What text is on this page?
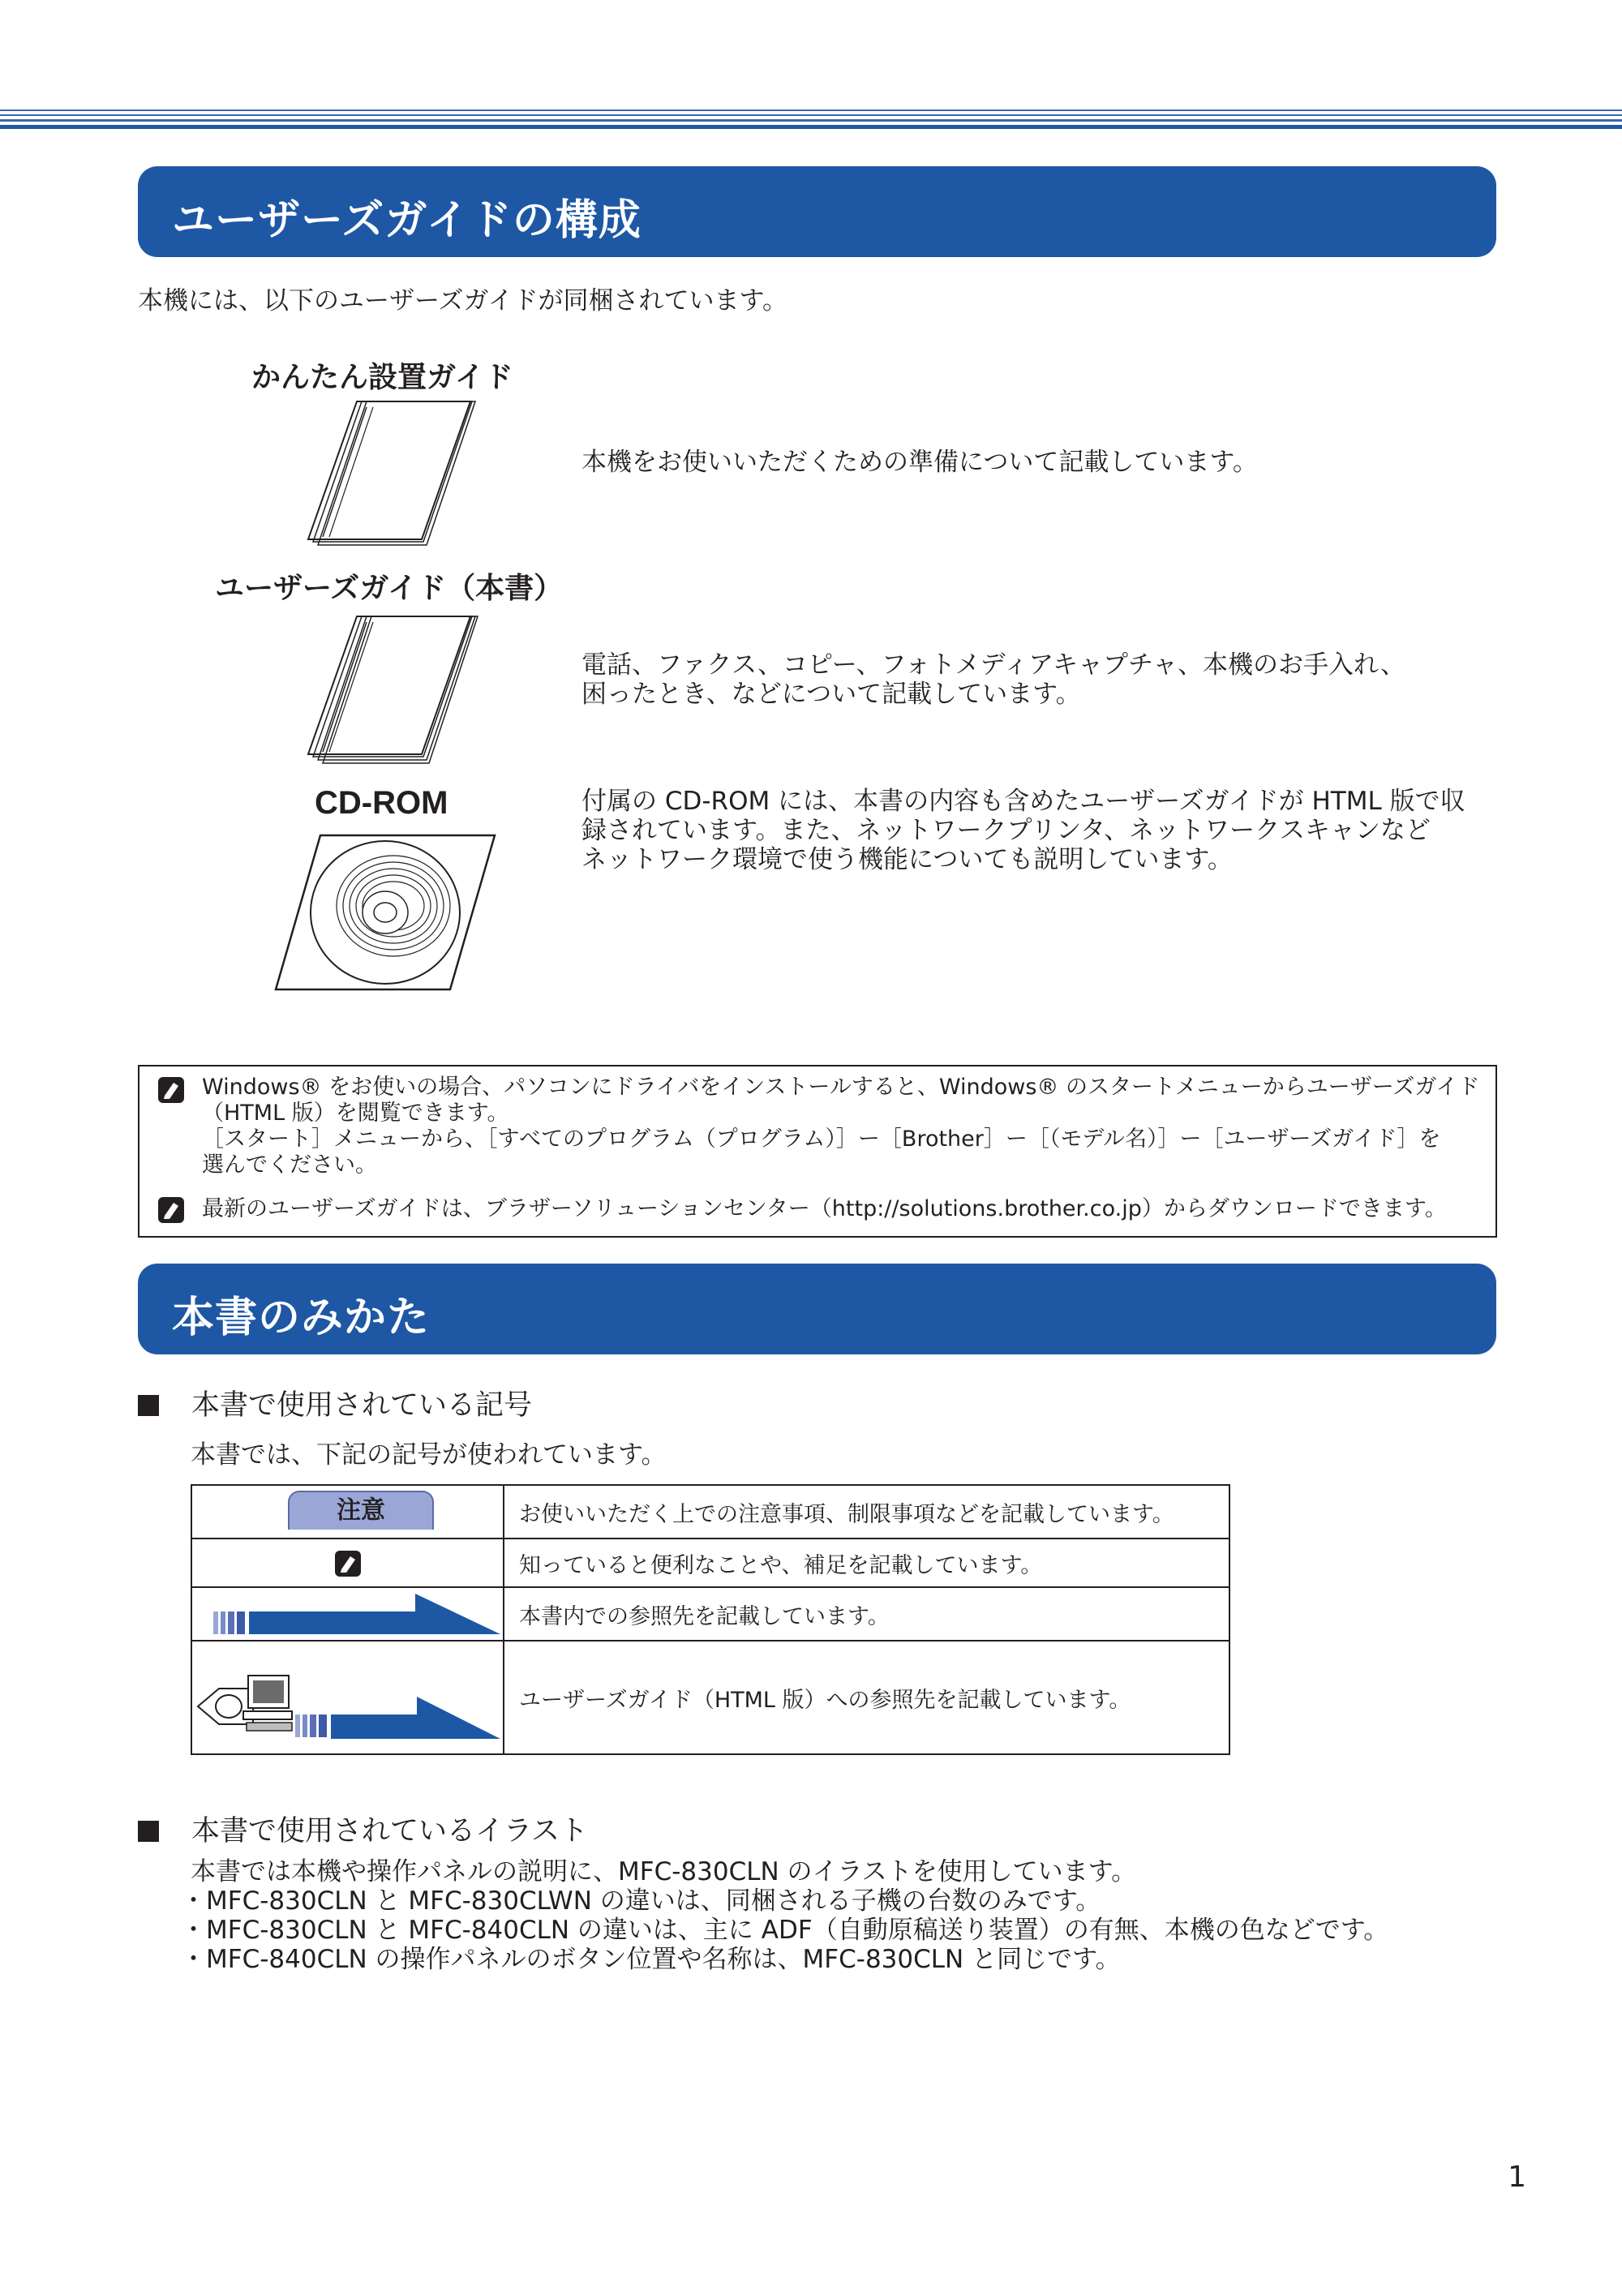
ユーザーズガイドの構成
本機には、以下のユーザーズガイドが同梱されています。
かんたん設置ガイド
本機をお使いいただくための準備について記載しています。
ユーザーズガイド（本書）
電話、ファクス、コピー、フォトメディアキャプチャ、本機のお手入れ、
困ったとき、などについて記載しています。
CD-ROM	付属の CD-ROM には、本書の内容も含めたユーザーズガイドが HTML 版で収
録されています。また、ネットワークプリンタ、ネットワークスキャンなど
ネットワーク環境で使う機能についても説明しています。
Windows® をお使いの場合、パソコンにドライバをインストールすると、Windows® のスタートメニューからユーザーズガイド
（HTML 版）を閲覧できます。
［スタート］メニューから、［すべてのプログラム（プログラム）］ー［Brother］ー［（モデル名）］ー［ユーザーズガイド］を
選んでください。
最新のユーザーズガイドは、ブラザーソリューションセンター（http://solutions.brother.co.jp）からダウンロードできます。
本書のみかた
本書で使用されている記号
本書では、下記の記号が使われています。
注意	お使いいただく上での注意事項、制限事項などを記載しています。

	知っていると便利なことや、補足を記載しています。

	本書内での参照先を記載しています。

	ユーザーズガイド（HTML 版）への参照先を記載しています。
本書で使用されているイラスト
本書では本機や操作パネルの説明に、MFC-830CLN のイラストを使用しています。
・MFC-830CLN と MFC-830CLWN の違いは、同梱される子機の台数のみです。
・MFC-830CLN と MFC-840CLN の違いは、主に ADF（自動原稿送り装置）の有無、本機の色などです。
・MFC-840CLN の操作パネルのボタン位置や名称は、MFC-830CLN と同じです。
1
